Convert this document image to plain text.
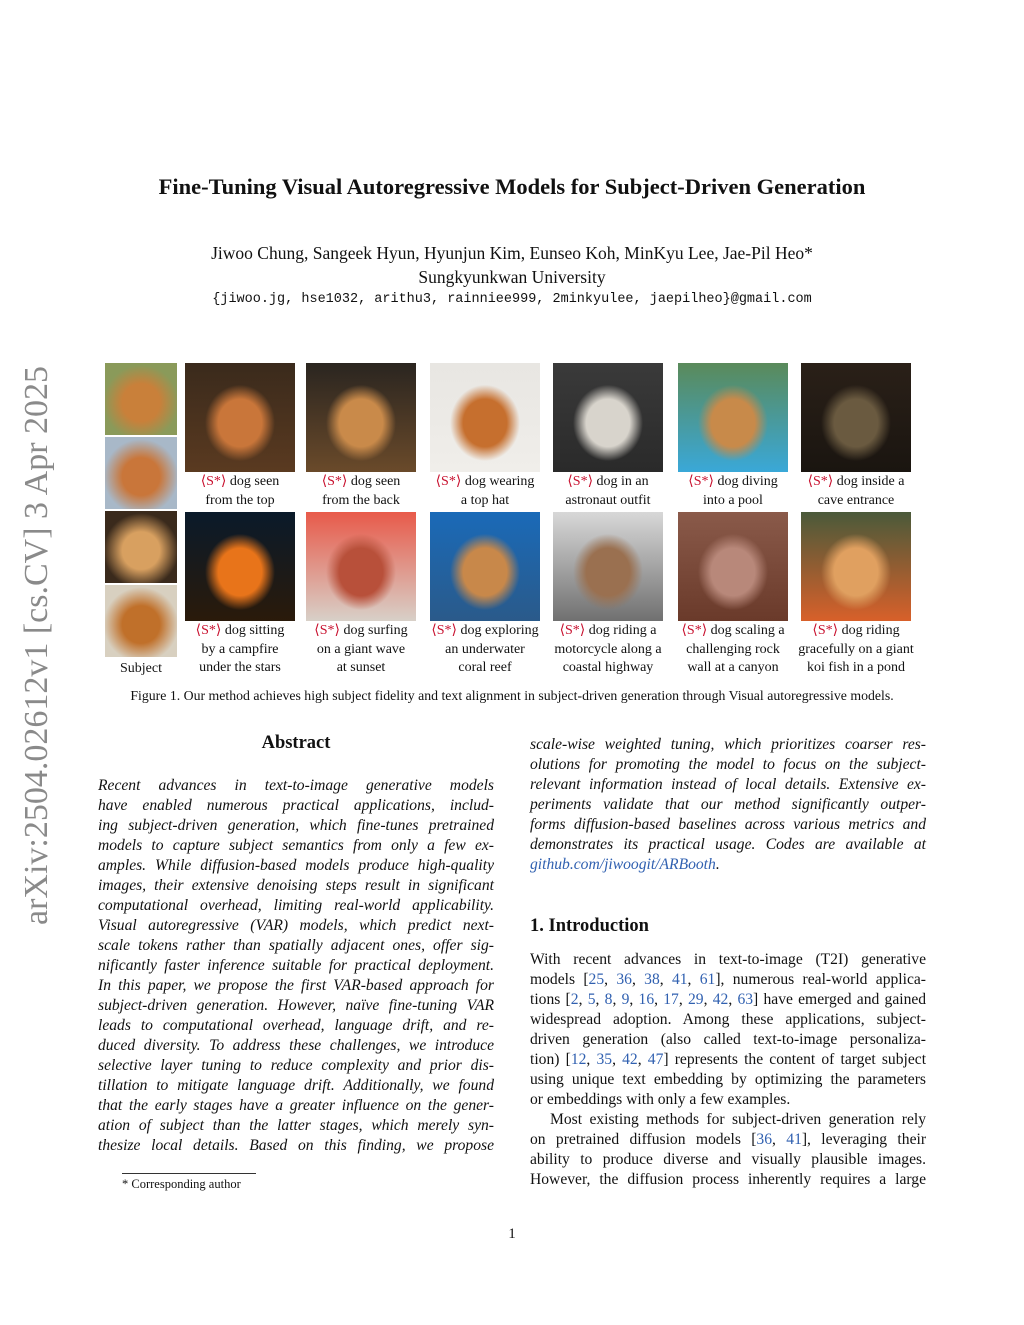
Fine-Tuning Visual Autoregressive Models for Subject-Driven Generation
Jiwoo Chung, Sangeek Hyun, Hyunjun Kim, Eunseo Koh, MinKyu Lee, Jae-Pil Heo*
Sungkyunkwan University
{jiwoo.jg, hse1032, arithu3, rainniee999, 2minkyulee, jaepilheo}@gmail.com
arXiv:2504.02612v1 [cs.CV] 3 Apr 2025	Subject
⟨S*⟩ dog seen
from the top
⟨S*⟩ dog seen
from the back
⟨S*⟩ dog wearing
a top hat
⟨S*⟩ dog in an
astronaut outfit
⟨S*⟩ dog diving
into a pool
⟨S*⟩ dog inside a
cave entrance
⟨S*⟩ dog sitting
by a campfire
under the stars
⟨S*⟩ dog surfing
on a giant wave
at sunset
⟨S*⟩ dog exploring
an underwater
coral reef
⟨S*⟩ dog riding a
motorcycle along a
coastal highway
⟨S*⟩ dog scaling a
challenging rock
wall at a canyon
⟨S*⟩ dog riding
gracefully on a giant
koi fish in a pond
Figure 1. Our method achieves high subject fidelity and text alignment in subject-driven generation through Visual autoregressive models.
Abstract
Recent advances in text-to-image generative models
have enabled numerous practical applications, includ-
ing subject-driven generation, which fine-tunes pretrained
models to capture subject semantics from only a few ex-
amples. While diffusion-based models produce high-quality
images, their extensive denoising steps result in significant
computational overhead, limiting real-world applicability.
Visual autoregressive (VAR) models, which predict next-
scale tokens rather than spatially adjacent ones, offer sig-
nificantly faster inference suitable for practical deployment.
In this paper, we propose the first VAR-based approach for
subject-driven generation. However, naïve fine-tuning VAR
leads to computational overhead, language drift, and re-
duced diversity. To address these challenges, we introduce
selective layer tuning to reduce complexity and prior dis-
tillation to mitigate language drift. Additionally, we found
that the early stages have a greater influence on the gener-
ation of subject than the latter stages, which merely syn-
thesize local details. Based on this finding, we propose
scale-wise weighted tuning, which prioritizes coarser res-
olutions for promoting the model to focus on the subject-
relevant information instead of local details. Extensive ex-
periments validate that our method significantly outper-
forms diffusion-based baselines across various metrics and
demonstrates its practical usage. Codes are available at
github.com/jiwoogit/ARBooth.
1. Introduction
With recent advances in text-to-image (T2I) generative
models [25, 36, 38, 41, 61], numerous real-world applica-
tions [2, 5, 8, 9, 16, 17, 29, 42, 63] have emerged and gained
widespread adoption. Among these applications, subject-
driven generation (also called text-to-image personaliza-
tion) [12, 35, 42, 47] represents the content of target subject
using unique text embedding by optimizing the parameters
or embeddings with only a few examples.
Most existing methods for subject-driven generation rely
on pretrained diffusion models [36, 41], leveraging their
ability to produce diverse and visually plausible images.
However, the diffusion process inherently requires a large
* Corresponding author
1
